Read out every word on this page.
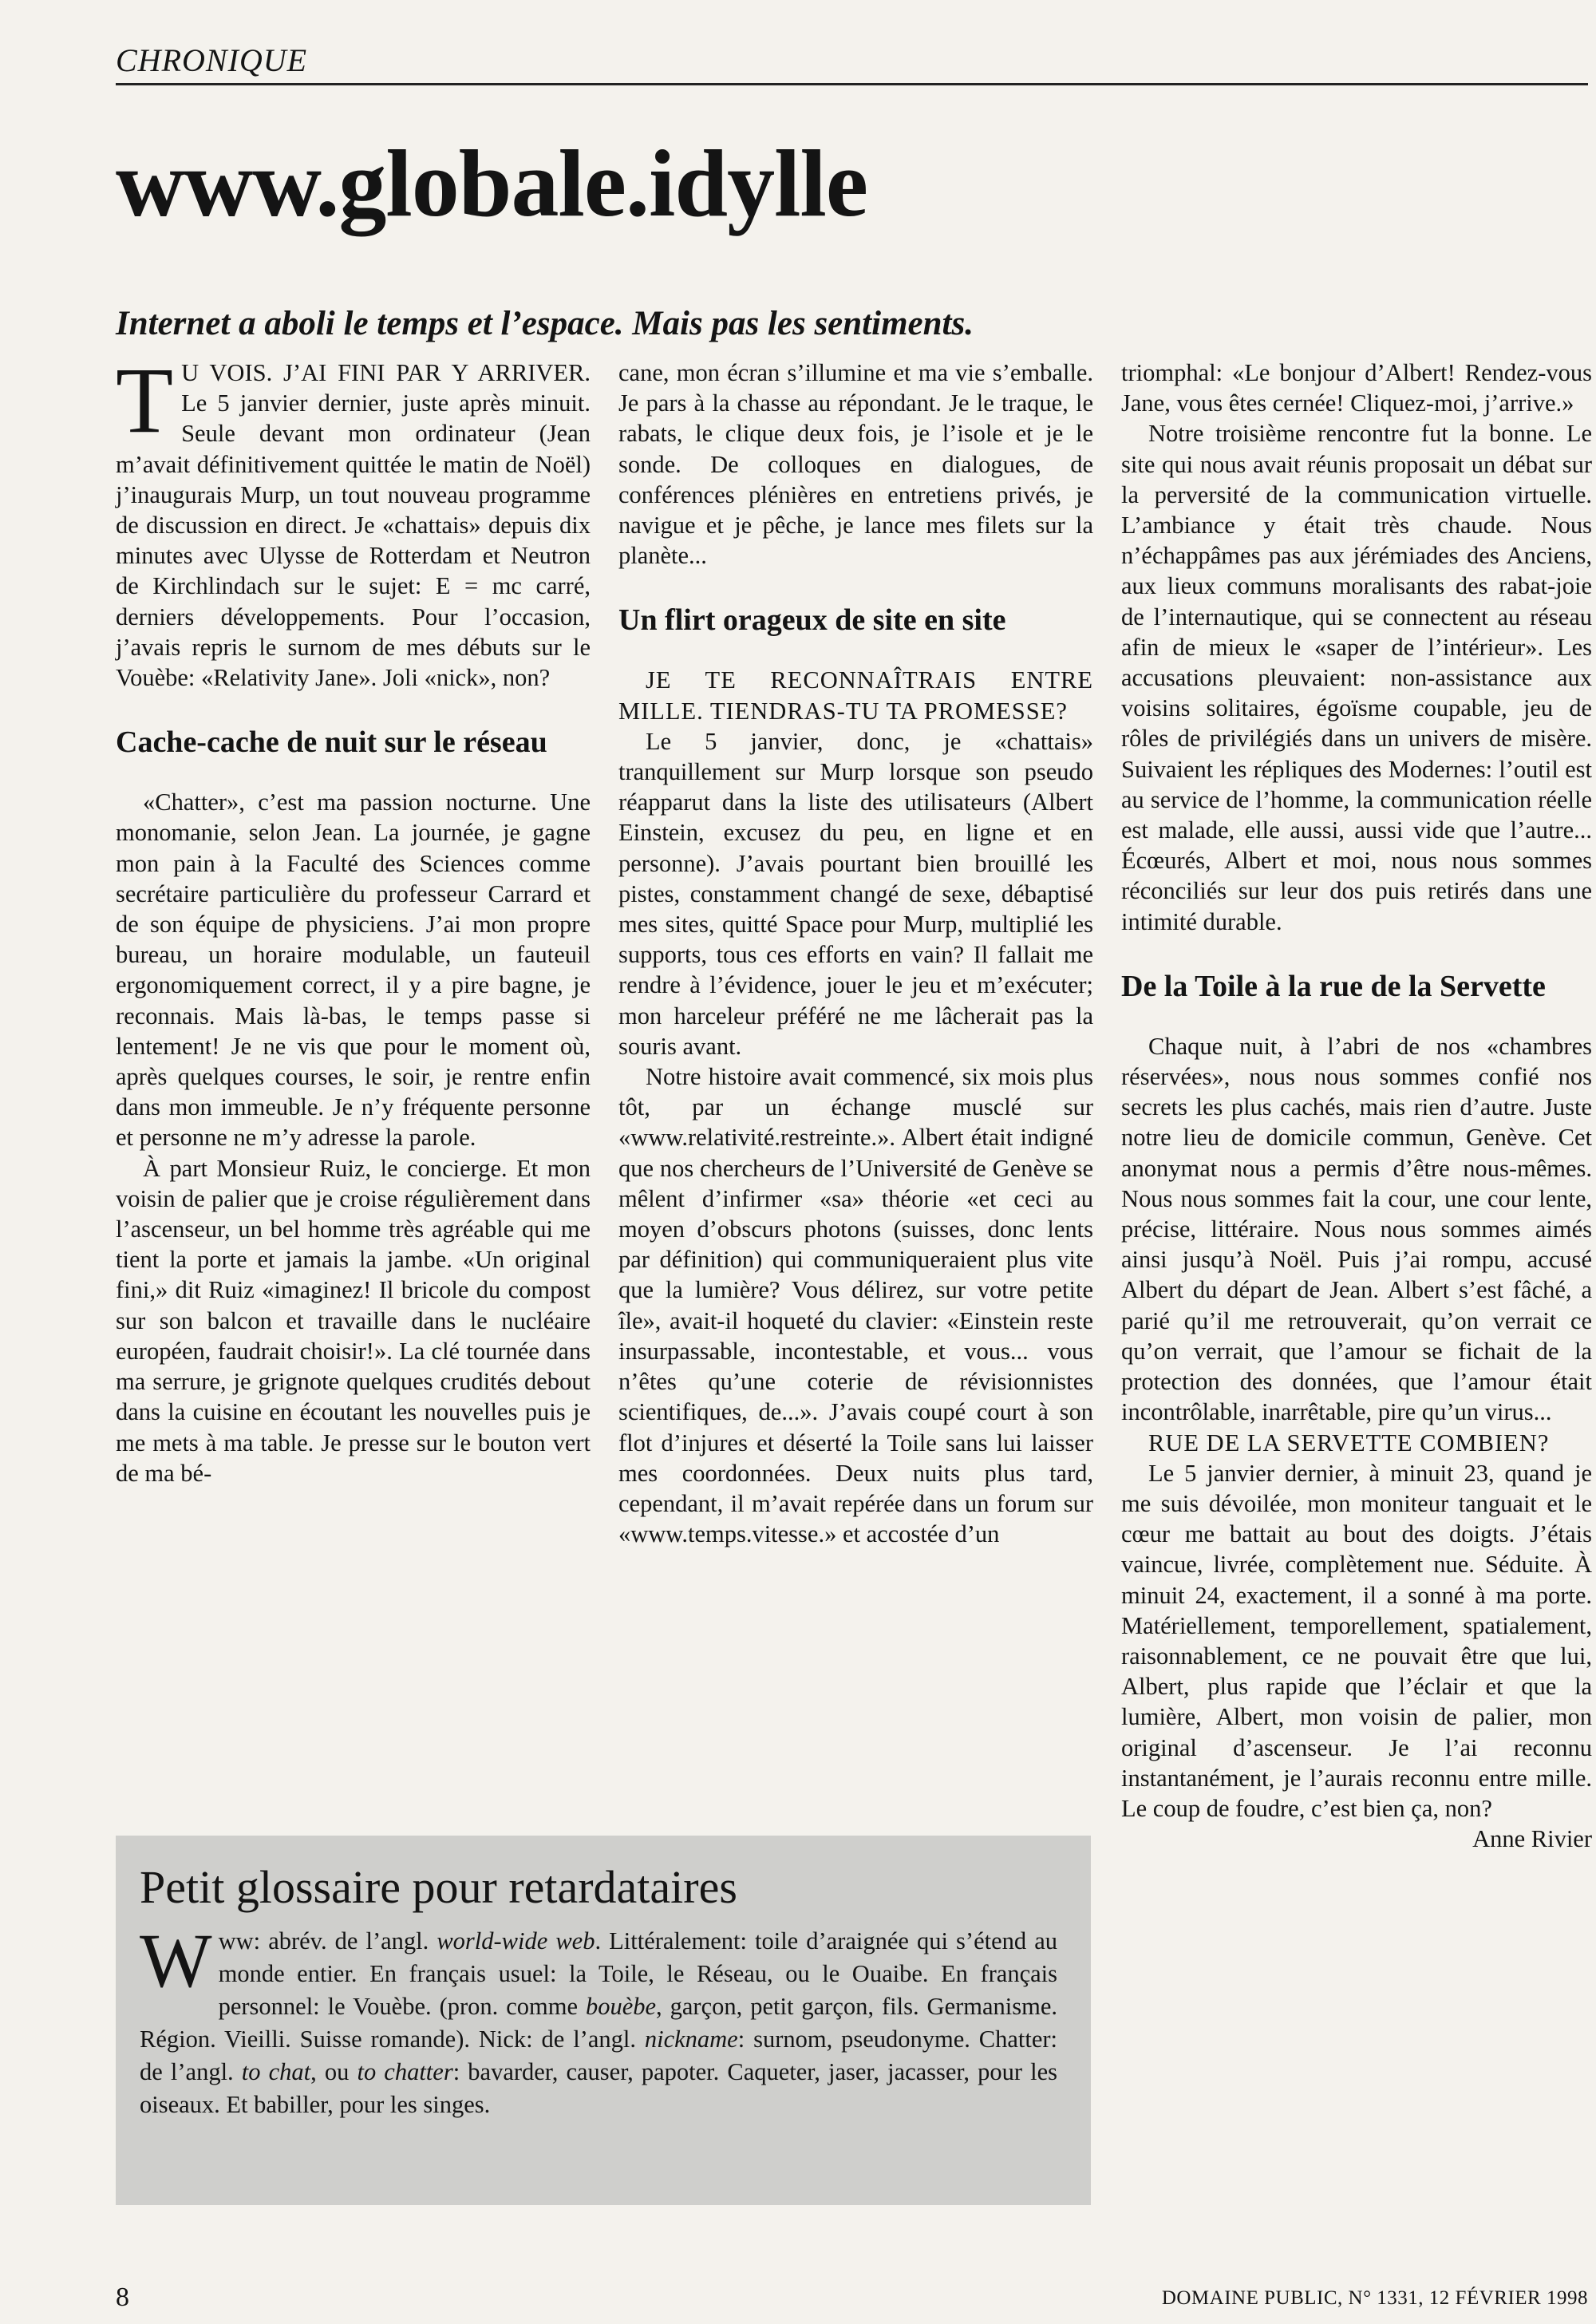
CHRONIQUE
www.globale.idylle
Internet a aboli le temps et l’espace. Mais pas les sentiments.

T U VOIS. J’AI FINI PAR Y ARRIVER. Le 5 janvier dernier, juste après minuit. Seule devant mon ordinateur (Jean m’avait définitivement quittée le matin de Noël) j’inaugurais Murp, un tout nouveau programme de discussion en direct. Je «chattais» depuis dix minutes avec Ulysse de Rotterdam et Neutron de Kirchlindach sur le sujet: E = mc carré, derniers développements. Pour l’occasion, j’avais repris le surnom de mes débuts sur le Vouèbe: «Relativity Jane». Joli «nick», non?

Cache-cache de nuit sur le réseau

«Chatter», c’est ma passion nocturne. Une monomanie, selon Jean. La journée, je gagne mon pain à la Faculté des Sciences comme secrétaire particulière du professeur Carrard et de son équipe de physiciens. J’ai mon propre bureau, un horaire modulable, un fauteuil ergonomiquement correct, il y a pire bagne, je reconnais. Mais là-bas, le temps passe si lentement! Je ne vis que pour le moment où, après quelques courses, le soir, je rentre enfin dans mon immeuble. Je n’y fréquente personne et personne ne m’y adresse la parole.

À part Monsieur Ruiz, le concierge. Et mon voisin de palier que je croise régulièrement dans l’ascenseur, un bel homme très agréable qui me tient la porte et jamais la jambe. «Un original fini,» dit Ruiz «imaginez! Il bricole du compost sur son balcon et travaille dans le nucléaire européen, faudrait choisir!». La clé tournée dans ma serrure, je grignote quelques crudités debout dans la cuisine en écoutant les nouvelles puis je me mets à ma table. Je presse sur le bouton vert de ma bé-

cane, mon écran s’illumine et ma vie s’emballe. Je pars à la chasse au répondant. Je le traque, le rabats, le clique deux fois, je l’isole et je le sonde. De colloques en dialogues, de conférences plénières en entretiens privés, je navigue et je pêche, je lance mes filets sur la planète...

Un flirt orageux de site en site

JE TE RECONNAÎTRAIS ENTRE MILLE. TIENDRAS-TU TA PROMESSE?

Le 5 janvier, donc, je «chattais» tranquillement sur Murp lorsque son pseudo réapparut dans la liste des utilisateurs (Albert Einstein, excusez du peu, en ligne et en personne). J’avais pourtant bien brouillé les pistes, constamment changé de sexe, débaptisé mes sites, quitté Space pour Murp, multiplié les supports, tous ces efforts en vain? Il fallait me rendre à l’évidence, jouer le jeu et m’exécuter; mon harceleur préféré ne me lâcherait pas la souris avant.

Notre histoire avait commencé, six mois plus tôt, par un échange musclé sur «www.relativité.restreinte.». Albert était indigné que nos chercheurs de l’Université de Genève se mêlent d’infirmer «sa» théorie «et ceci au moyen d’obscurs photons (suisses, donc lents par définition) qui communiqueraient plus vite que la lumière? Vous délirez, sur votre petite île», avait-il hoqueté du clavier: «Einstein reste insurpassable, incontestable, et vous... vous n’êtes qu’une coterie de révisionnistes scientifiques, de...». J’avais coupé court à son flot d’injures et déserté la Toile sans lui laisser mes coordonnées. Deux nuits plus tard, cependant, il m’avait repérée dans un forum sur «www.temps.vitesse.» et accostée d’un

triomphal: «Le bonjour d’Albert! Rendez-vous Jane, vous êtes cernée! Cliquez-moi, j’arrive.»

Notre troisième rencontre fut la bonne. Le site qui nous avait réunis proposait un débat sur la perversité de la communication virtuelle. L’ambiance y était très chaude. Nous n’échappâmes pas aux jérémiades des Anciens, aux lieux communs moralisants des rabat-joie de l’internautique, qui se connectent au réseau afin de mieux le «saper de l’intérieur». Les accusations pleuvaient: non-assistance aux voisins solitaires, égoïsme coupable, jeu de rôles de privilégiés dans un univers de misère. Suivaient les répliques des Modernes: l’outil est au service de l’homme, la communication réelle est malade, elle aussi, aussi vide que l’autre... Écœurés, Albert et moi, nous nous sommes réconciliés sur leur dos puis retirés dans une intimité durable.

De la Toile à la rue de la Servette

Chaque nuit, à l’abri de nos «chambres réservées», nous nous sommes confié nos secrets les plus cachés, mais rien d’autre. Juste notre lieu de domicile commun, Genève. Cet anonymat nous a permis d’être nous-mêmes. Nous nous sommes fait la cour, une cour lente, précise, littéraire. Nous nous sommes aimés ainsi jusqu’à Noël. Puis j’ai rompu, accusé Albert du départ de Jean. Albert s’est fâché, a parié qu’il me retrouverait, qu’on verrait ce qu’on verrait, que l’amour se fichait de la protection des données, que l’amour était incontrôlable, inarrêtable, pire qu’un virus...

RUE DE LA SERVETTE COMBIEN?

Le 5 janvier dernier, à minuit 23, quand je me suis dévoilée, mon moniteur tanguait et le cœur me battait au bout des doigts. J’étais vaincue, livrée, complètement nue. Séduite. À minuit 24, exactement, il a sonné à ma porte. Matériellement, temporellement, spatialement, raisonnablement, ce ne pouvait être que lui, Albert, plus rapide que l’éclair et que la lumière, Albert, mon voisin de palier, mon original d’ascenseur. Je l’ai reconnu instantanément, je l’aurais reconnu entre mille. Le coup de foudre, c’est bien ça, non?

Anne Rivier

Petit glossaire pour retardataires
Www: abrév. de l’angl. world-wide web. Littéralement: toile d’araignée qui s’étend au monde entier. En français usuel: la Toile, le Réseau, ou le Ouaibe. En français personnel: le Vouèbe. (pron. comme bouèbe, garçon, petit garçon, fils. Germanisme. Région. Vieilli. Suisse romande). Nick: de l’angl. nickname: surnom, pseudonyme. Chatter: de l’angl. to chat, ou to chatter: bavarder, causer, papoter. Caqueter, jaser, jacasser, pour les oiseaux. Et babiller, pour les singes.
8	DOMAINE PUBLIC, N° 1331, 12 FÉVRIER 1998
